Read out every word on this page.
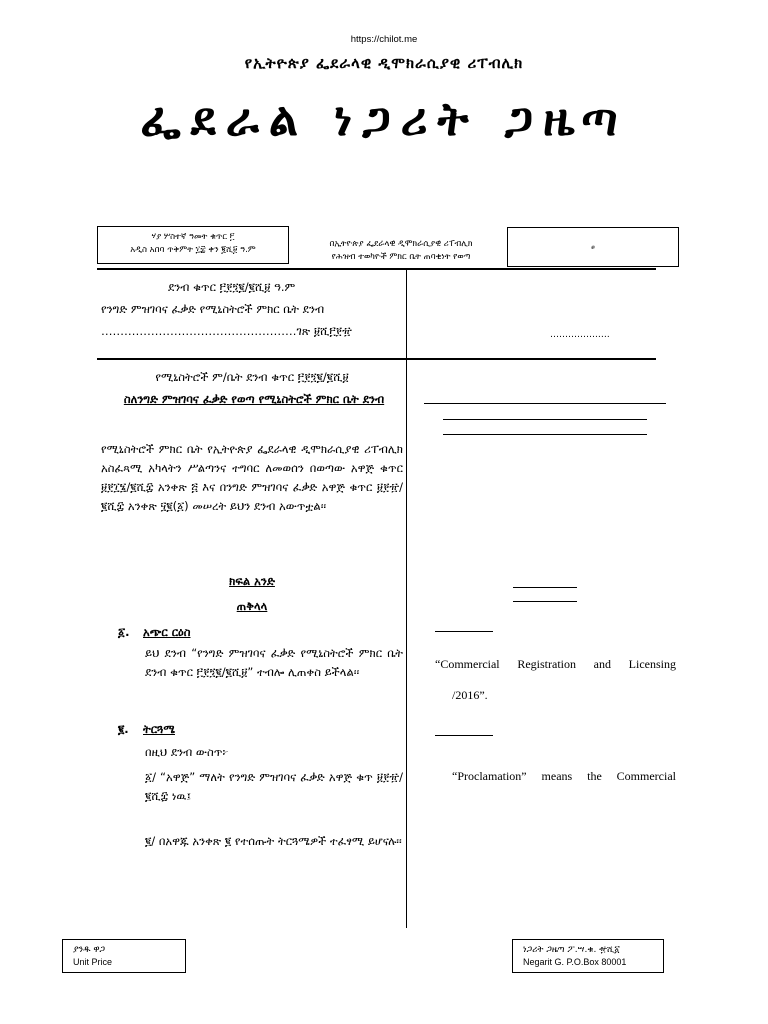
https://chilot.me
የኢትዮጵያ ፌደራላዊ ዲሞክራሲያዊ ሪፐብሊክ
ፌደራል ነጋሪት ጋዜጣ
ሃያ ሦስተኛ ዓመት ቁጥር ፫
አዲስ አበባ ጥቅምት ፲፰ ቀን ፪ሺ፱ ዓ.ም
በኢትዮጵያ ፌደራላዊ ዲሞክራሲያዊ ሪፐብሊክ
የሕዝብ ተወካዮች ምክር ቤት ጠባቂነት የወጣ
ፀ
ደንብ ቁጥር ፫፻፺፪/፪ሺ፱ ዓ.ም
የንግድ ምዝገባና ፈቃድ የሚኒስትሮች ምክር ቤት ደንብ
……………………………………………ገጽ ፱ሺ፫፻፹	…………….….
የሚኒስትሮች ም/ቤት ደንብ ቁጥር ፫፻፺፪/፪ሺ፱
ስለንግድ ምዝገባና ፈቃድ የወጣ የሚኒስትሮች ምክር ቤት ደንብ
የሚኒስትሮች ምክር ቤት የኢትዮጵያ ፌደራላዊ ዲሞክራሲያዊ ሪፐብሊክ አስፈጻሚ አካላትን ሥልጣንና ተግባር ለመወሰን በወጣው አዋጅ ቁጥር ፱፻፲፮/፪ሺ፰ አንቀጽ ፭ እና በንግድ ምዝገባና ፈቃድ አዋጅ ቁጥር ፱፻፹/፪ሺ፰ አንቀጽ ፶፪(፩) መሠረት ይህን ደንብ አውጥቷል፡፡
ክፍል አንድ
ጠቅላላ
፩. አጭር ርዕስ
ይህ ደንብ “የንግድ ምዝገባና ፈቃድ የሚኒስትሮች ምክር ቤት ደንብ ቁጥር ፫፻፺፪/፪ሺ፱” ተብሎ ሊጠቀስ ይችላል፡፡
፪. ትርጓሜ
በዚህ ደንብ ውስጥ፦
፩/ “አዋጅ” ማለት የንግድ ምዝገባና ፈቃድ አዋጅ ቁጥ ፱፻፹/፪ሺ፰ ነዉ፤
፪/ በአዋጁ አንቀጽ ፪ የተሰጡት ትርጓሜዎች ተፈፃሚ ይሆናሉ፡፡
“Commercial Registration and Licensing
/2016”.
“Proclamation” means the Commercial
ያንዱ ዋጋ
Unit Price
ነጋሪት ጋዜጣ ፖ.ሣ.ቁ. ፹ሺ፩
Negarit G. P.O.Box 80001
